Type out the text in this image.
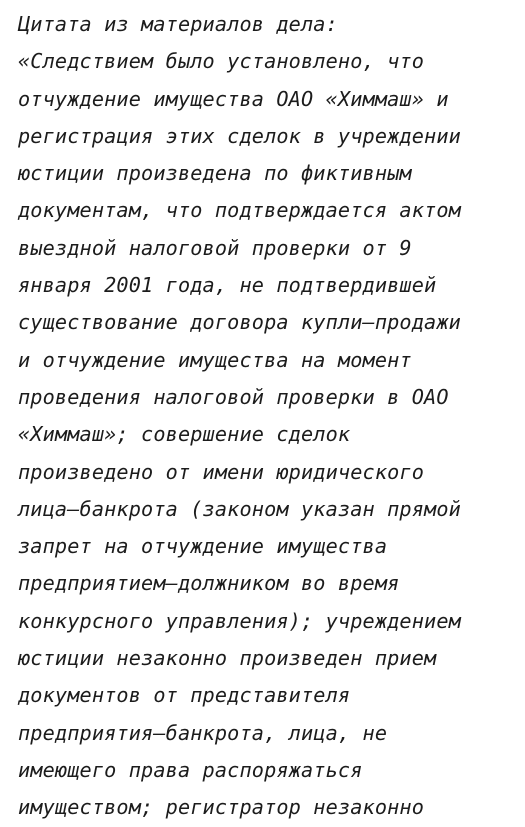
Цитата из материалов дела:
«Следствием было установлено, что
отчуждение имущества ОАО «Химмаш» и
регистрация этих сделок в учреждении
юстиции произведена по фиктивным
документам, что подтверждается актом
выездной налоговой проверки от 9
января 2001 года, не подтвердившей
существование договора купли–продажи
и отчуждение имущества на момент
проведения налоговой проверки в ОАО
«Химмаш»; совершение сделок
произведено от имени юридического
лица–банкрота (законом указан прямой
запрет на отчуждение имущества
предприятием–должником во время
конкурсного управления); учреждением
юстиции незаконно произведен прием
документов от представителя
предприятия–банкрота, лица, не
имеющего права распоряжаться
имуществом; регистратор незаконно
